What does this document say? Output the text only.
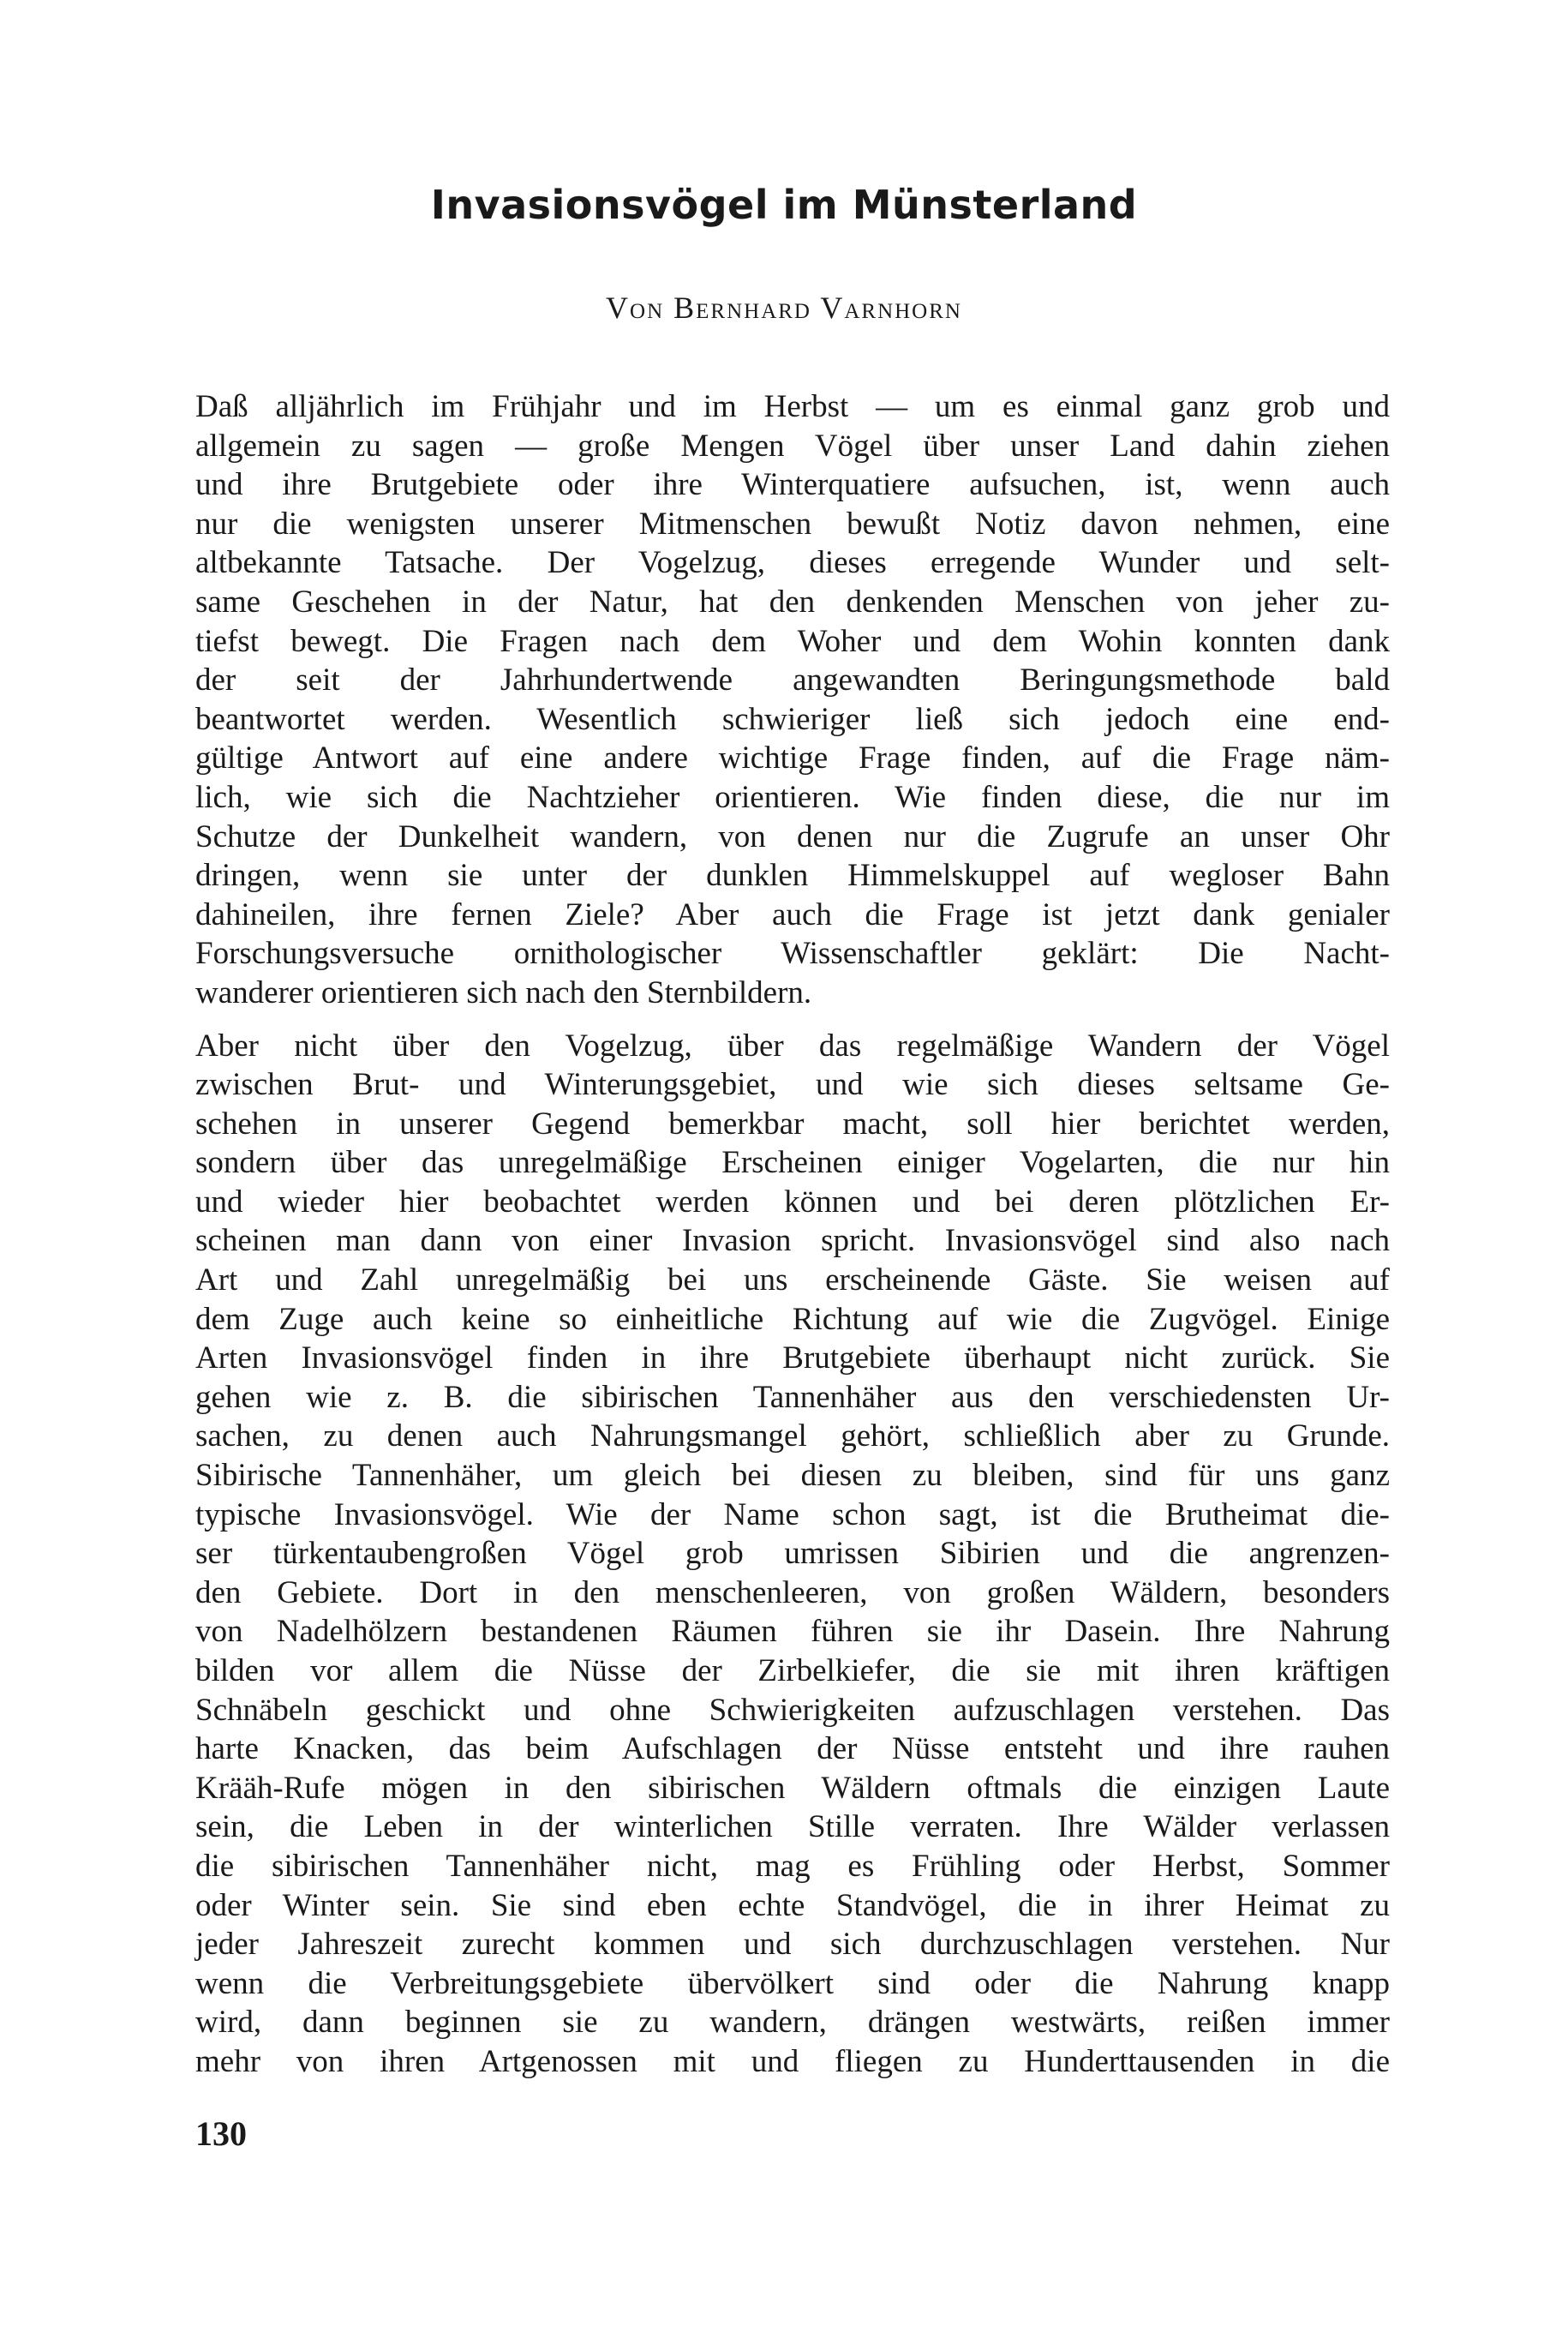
Invasionsvögel im Münsterland
Von Bernhard Varnhorn

Daß alljährlich im Frühjahr und im Herbst — um es einmal ganz grob und
allgemein zu sagen — große Mengen Vögel über unser Land dahin ziehen
und ihre Brutgebiete oder ihre Winterquatiere aufsuchen, ist, wenn auch
nur die wenigsten unserer Mitmenschen bewußt Notiz davon nehmen, eine
altbekannte Tatsache. Der Vogelzug, dieses erregende Wunder und selt-
same Geschehen in der Natur, hat den denkenden Menschen von jeher zu-
tiefst bewegt. Die Fragen nach dem Woher und dem Wohin konnten dank
der seit der Jahrhundertwende angewandten Beringungsmethode bald
beantwortet werden. Wesentlich schwieriger ließ sich jedoch eine end-
gültige Antwort auf eine andere wichtige Frage finden, auf die Frage näm-
lich, wie sich die Nachtzieher orientieren. Wie finden diese, die nur im
Schutze der Dunkelheit wandern, von denen nur die Zugrufe an unser Ohr
dringen, wenn sie unter der dunklen Himmelskuppel auf wegloser Bahn
dahineilen, ihre fernen Ziele? Aber auch die Frage ist jetzt dank genialer
Forschungsversuche ornithologischer Wissenschaftler geklärt: Die Nacht-
wanderer orientieren sich nach den Sternbildern.

Aber nicht über den Vogelzug, über das regelmäßige Wandern der Vögel
zwischen Brut- und Winterungsgebiet, und wie sich dieses seltsame Ge-
schehen in unserer Gegend bemerkbar macht, soll hier berichtet werden,
sondern über das unregelmäßige Erscheinen einiger Vogelarten, die nur hin
und wieder hier beobachtet werden können und bei deren plötzlichen Er-
scheinen man dann von einer Invasion spricht. Invasionsvögel sind also nach
Art und Zahl unregelmäßig bei uns erscheinende Gäste. Sie weisen auf
dem Zuge auch keine so einheitliche Richtung auf wie die Zugvögel. Einige
Arten Invasionsvögel finden in ihre Brutgebiete überhaupt nicht zurück. Sie
gehen wie z. B. die sibirischen Tannenhäher aus den verschiedensten Ur-
sachen, zu denen auch Nahrungsmangel gehört, schließlich aber zu Grunde.
Sibirische Tannenhäher, um gleich bei diesen zu bleiben, sind für uns ganz
typische Invasionsvögel. Wie der Name schon sagt, ist die Brutheimat die-
ser türkentaubengroßen Vögel grob umrissen Sibirien und die angrenzen-
den Gebiete. Dort in den menschenleeren, von großen Wäldern, besonders
von Nadelhölzern bestandenen Räumen führen sie ihr Dasein. Ihre Nahrung
bilden vor allem die Nüsse der Zirbelkiefer, die sie mit ihren kräftigen
Schnäbeln geschickt und ohne Schwierigkeiten aufzuschlagen verstehen. Das
harte Knacken, das beim Aufschlagen der Nüsse entsteht und ihre rauhen
Krääh-Rufe mögen in den sibirischen Wäldern oftmals die einzigen Laute
sein, die Leben in der winterlichen Stille verraten. Ihre Wälder verlassen
die sibirischen Tannenhäher nicht, mag es Frühling oder Herbst, Sommer
oder Winter sein. Sie sind eben echte Standvögel, die in ihrer Heimat zu
jeder Jahreszeit zurecht kommen und sich durchzuschlagen verstehen. Nur
wenn die Verbreitungsgebiete übervölkert sind oder die Nahrung knapp
wird, dann beginnen sie zu wandern, drängen westwärts, reißen immer
mehr von ihren Artgenossen mit und fliegen zu Hunderttausenden in die

130
